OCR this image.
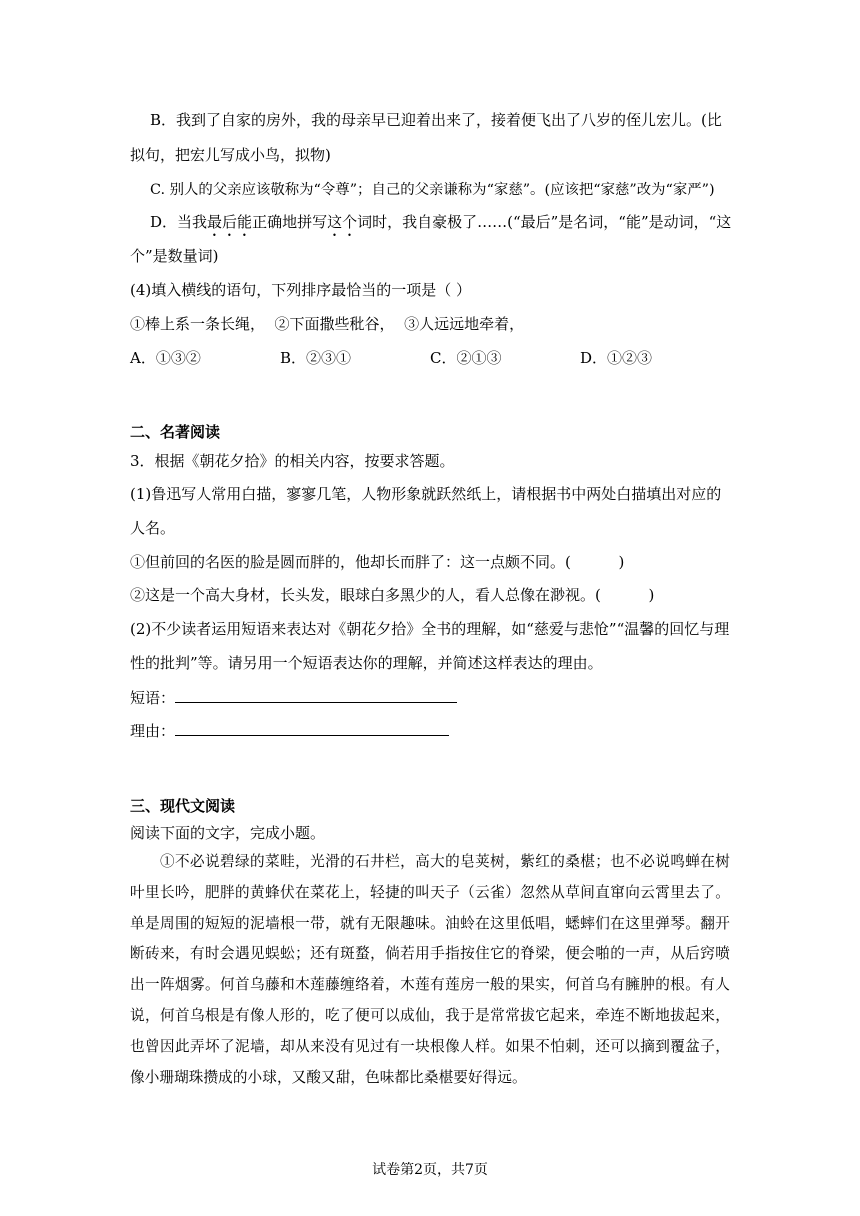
B．我到了自家的房外，我的母亲早已迎着出来了，接着便飞出了八岁的侄儿宏儿。(比
拟句，把宏儿写成小鸟，拟物)
C. 别人的父亲应该敬称为“令尊”；自己的父亲谦称为“家慈”。(应该把“家慈”改为“家严”)
D．当我最后能正确地拼写这个词时，我自豪极了……(“最后”是名词，“能”是动词，“这
个”是数量词)
(4)填入横线的语句，下列排序最恰当的一项是（ ）
①棒上系一条长绳，  ②下面撒些秕谷，  ③人远远地牵着，
A．①③②	B．②③①	C．②①③	D．①②③
二、名著阅读
3．根据《朝花夕拾》的相关内容，按要求答题。
(1)鲁迅写人常用白描，寥寥几笔，人物形象就跃然纸上，请根据书中两处白描填出对应的
人名。
①但前回的名医的脸是圆而胖的，他却长而胖了：这一点颇不同。(          )
②这是一个高大身材，长头发，眼球白多黑少的人，看人总像在渺视。(          )
(2)不少读者运用短语来表达对《朝花夕拾》全书的理解，如“慈爱与悲怆”“温馨的回忆与理
性的批判”等。请另用一个短语表达你的理解，并简述这样表达的理由。
短语：
理由：
三、现代文阅读
阅读下面的文字，完成小题。

①不必说碧绿的菜畦，光滑的石井栏，高大的皂荚树，紫红的桑椹；也不必说鸣蝉在树叶里长吟，肥胖的黄蜂伏在菜花上，轻捷的叫天子（云雀）忽然从草间直窜向云霄里去了。单是周围的短短的泥墙根一带，就有无限趣味。油蛉在这里低唱，蟋蟀们在这里弹琴。翻开断砖来，有时会遇见蜈蚣；还有斑蝥，倘若用手指按住它的脊梁，便会啪的一声，从后窍喷出一阵烟雾。何首乌藤和木莲藤缠络着，木莲有莲房一般的果实，何首乌有臃肿的根。有人说，何首乌根是有像人形的，吃了便可以成仙，我于是常常拔它起来，牵连不断地拔起来，也曾因此弄坏了泥墙，却从来没有见过有一块根像人样。如果不怕刺，还可以摘到覆盆子，像小珊瑚珠攒成的小球，又酸又甜，色味都比桑椹要好得远。

试卷第2页，共7页
